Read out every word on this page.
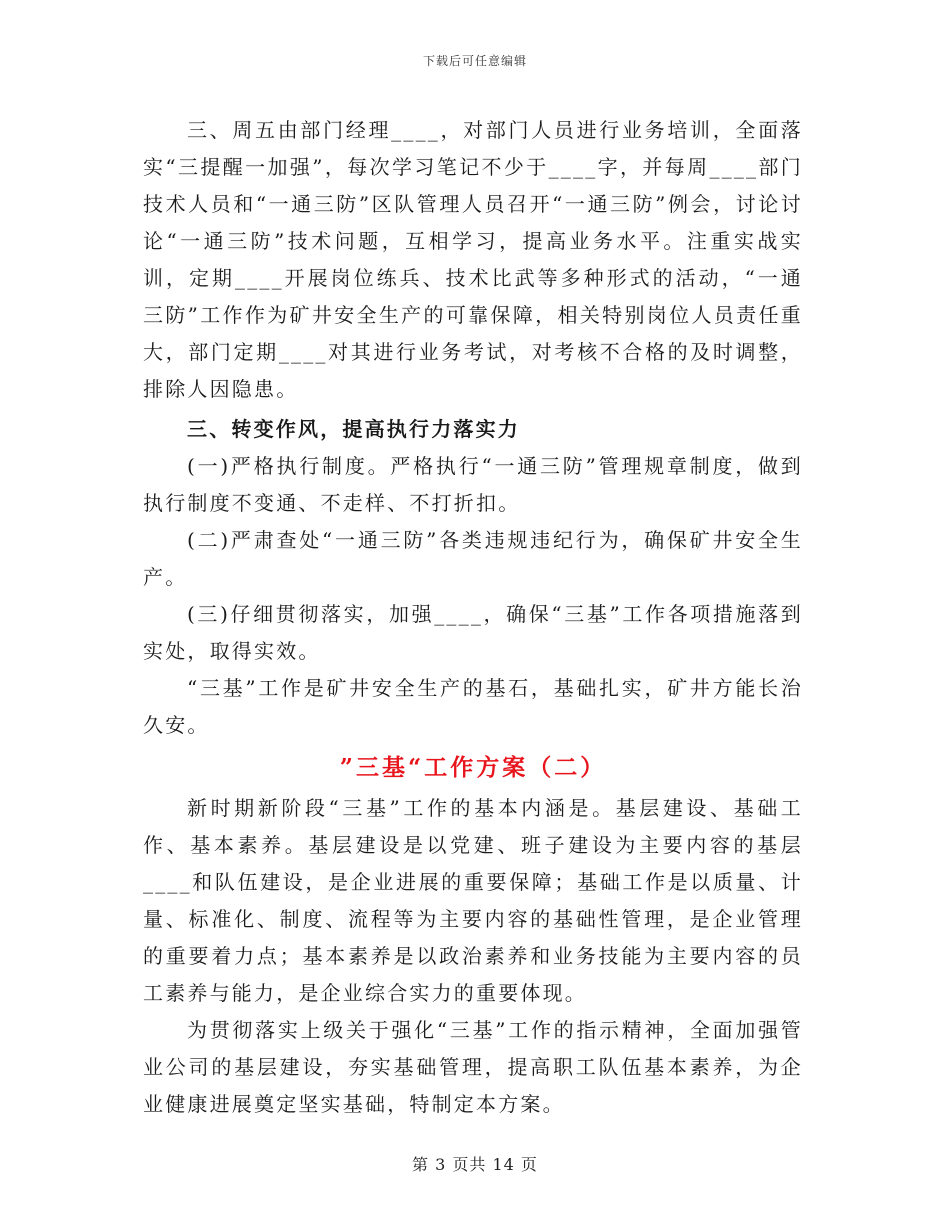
下载后可任意编辑

三、周五由部门经理____，对部门人员进行业务培训，全面落实“三提醒一加强”，每次学习笔记不少于____字，并每周____部门技术人员和“一通三防”区队管理人员召开“一通三防”例会，讨论讨论“一通三防”技术问题，互相学习，提高业务水平。注重实战实训，定期____开展岗位练兵、技术比武等多种形式的活动，“一通三防”工作作为矿井安全生产的可靠保障，相关特别岗位人员责任重大，部门定期____对其进行业务考试，对考核不合格的及时调整，排除人因隐患。

三、转变作风，提高执行力落实力

(一)严格执行制度。严格执行“一通三防”管理规章制度，做到执行制度不变通、不走样、不打折扣。

(二)严肃查处“一通三防”各类违规违纪行为，确保矿井安全生产。

(三)仔细贯彻落实，加强____，确保“三基”工作各项措施落到实处，取得实效。

“三基”工作是矿井安全生产的基石，基础扎实，矿井方能长治久安。

”三基“工作方案（二）

新时期新阶段“三基”工作的基本内涵是。基层建设、基础工作、基本素养。基层建设是以党建、班子建设为主要内容的基层____和队伍建设，是企业进展的重要保障；基础工作是以质量、计量、标准化、制度、流程等为主要内容的基础性管理，是企业管理的重要着力点；基本素养是以政治素养和业务技能为主要内容的员工素养与能力，是企业综合实力的重要体现。

为贯彻落实上级关于强化“三基”工作的指示精神，全面加强管业公司的基层建设，夯实基础管理，提高职工队伍基本素养，为企业健康进展奠定坚实基础，特制定本方案。

第 3 页共 14 页
